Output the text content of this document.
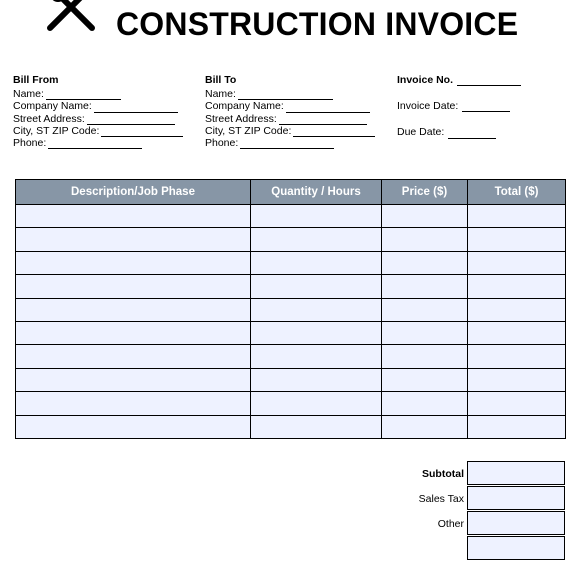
CONSTRUCTION INVOICE
Bill From
Name:
Company Name:
Street Address:
City, ST ZIP Code:
Phone:
Bill To
Name:
Company Name:
Street Address:
City, ST ZIP Code:
Phone:
Invoice No.
Invoice Date:
Due Date:
Description/Job Phase	Quantity / Hours	Price ($)	Total ($)

Subtotal
Sales Tax
Other
